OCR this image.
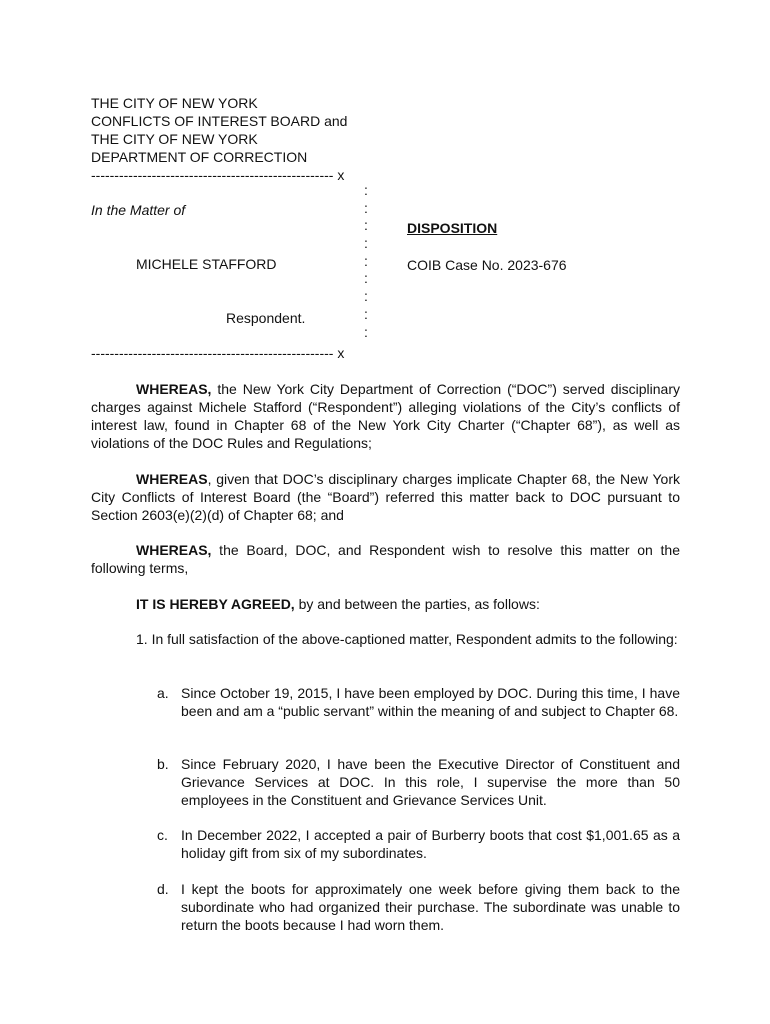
THE CITY OF NEW YORK
CONFLICTS OF INTEREST BOARD and
THE CITY OF NEW YORK
DEPARTMENT OF CORRECTION
---------------------------------------------------- x
:
:
:
:
:
:
:
:
:
In the Matter of
MICHELE STAFFORD
Respondent.
DISPOSITION
COIB Case No. 2023-676
---------------------------------------------------- x
WHEREAS, the New York City Department of Correction (“DOC”) served disciplinary charges against Michele Stafford (“Respondent”) alleging violations of the City’s conflicts of interest law, found in Chapter 68 of the New York City Charter (“Chapter 68”), as well as violations of the DOC Rules and Regulations;
WHEREAS, given that DOC’s disciplinary charges implicate Chapter 68, the New York City Conflicts of Interest Board (the “Board”) referred this matter back to DOC pursuant to Section 2603(e)(2)(d) of Chapter 68; and
WHEREAS, the Board, DOC, and Respondent wish to resolve this matter on the following terms,
IT IS HEREBY AGREED, by and between the parties, as follows:
1. In full satisfaction of the above-captioned matter, Respondent admits to the following:
a. Since October 19, 2015, I have been employed by DOC. During this time, I have been and am a “public servant” within the meaning of and subject to Chapter 68.
b. Since February 2020, I have been the Executive Director of Constituent and Grievance Services at DOC. In this role, I supervise the more than 50 employees in the Constituent and Grievance Services Unit.
c. In December 2022, I accepted a pair of Burberry boots that cost $1,001.65 as a holiday gift from six of my subordinates.
d. I kept the boots for approximately one week before giving them back to the subordinate who had organized their purchase. The subordinate was unable to return the boots because I had worn them.
